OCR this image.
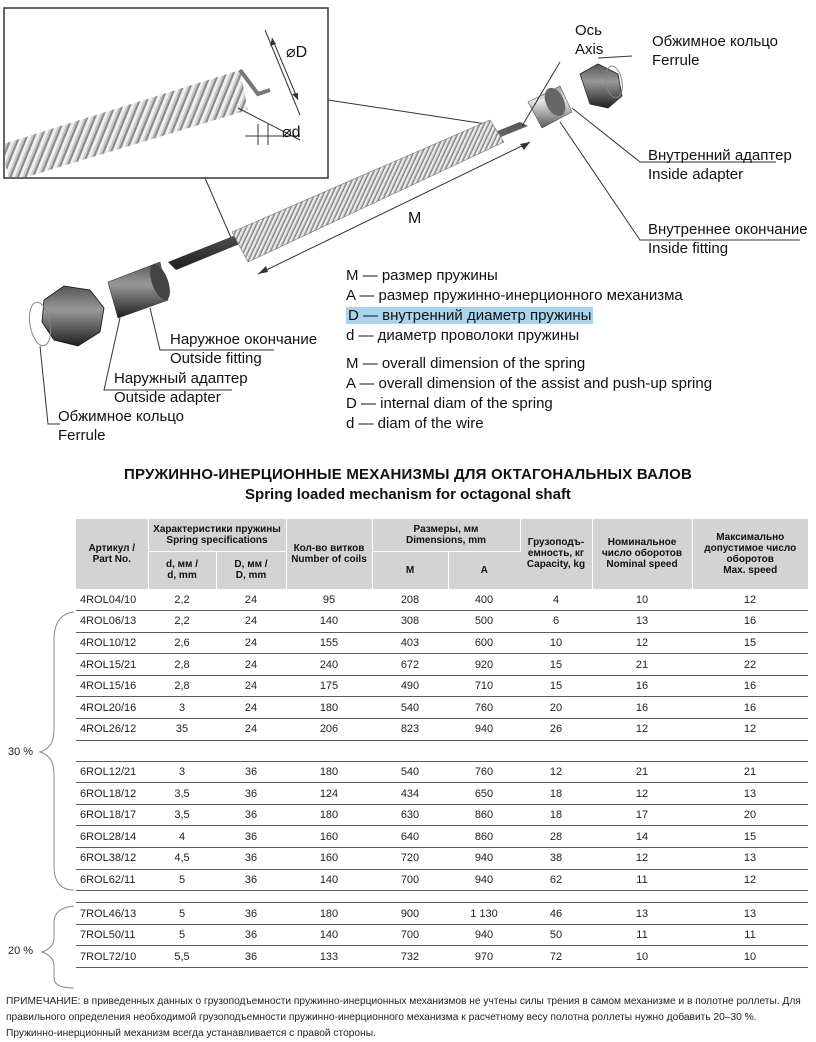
⌀D
⌀d
M
Ось
Axis	Обжимное кольцо
Ferrule
Внутренний адаптер
Inside adapter
Внутреннее окончание
Inside fitting
Наружное окончание
Outside fitting
Наружный адаптер
Outside adapter
Обжимное кольцо
Ferrule
M — размер пружины
A — размер пружинно-инерционного механизма
D — внутренний диаметр пружины
d — диаметр проволоки пружины
M — overall dimension of the spring
A — overall dimension of the assist and push-up spring
D — internal diam of the spring
d — diam of the wire
ПРУЖИННО-ИНЕРЦИОННЫЕ МЕХАНИЗМЫ ДЛЯ ОКТАГОНАЛЬНЫХ ВАЛОВ
Spring loaded mechanism for octagonal shaft
Артикул /
Part No.	Характеристики пружины
Spring specifications		Кол-во витков
Number of coils	Размеры, мм
Dimensions, mm		Грузоподъ-
емность, кг
Capacity, kg	Номинальное
число оборотов
Nominal speed	Максимально
допустимое число
оборотов
Max. speed
	d, мм /
d, mm	D, мм /
D, mm		M	A			
4ROL04/10	2,2	24	95	208	400	4	10	12
4ROL06/13	2,2	24	140	308	500	6	13	16
4ROL10/12	2,6	24	155	403	600	10	12	15
4ROL15/21	2,8	24	240	672	920	15	21	22
4ROL15/16	2,8	24	175	490	710	15	16	16
4ROL20/16	3	24	180	540	760	20	16	16
4ROL26/12	35	24	206	823	940	26	12	12

6ROL12/21	3	36	180	540	760	12	21	21
6ROL18/12	3,5	36	124	434	650	18	12	13
6ROL18/17	3,5	36	180	630	860	18	17	20
6ROL28/14	4	36	160	640	860	28	14	15
6ROL38/12	4,5	36	160	720	940	38	12	13
6ROL62/11	5	36	140	700	940	62	11	12

7ROL46/13	5	36	180	900	1 130	46	13	13
7ROL50/11	5	36	140	700	940	50	11	11
7ROL72/10	5,5	36	133	732	970	72	10	10
30 %
20 %
ПРИМЕЧАНИЕ: в приведенных данных о грузоподъемности пружинно-инерционных механизмов не учтены силы трения в самом механизме и в полотне роллеты. Для правильного определения необходимой грузоподъемности пружинно-инерционного механизма к расчетному весу полотна роллеты нужно добавить 20–30 %. Пружинно-инерционный механизм всегда устанавливается с правой стороны.
